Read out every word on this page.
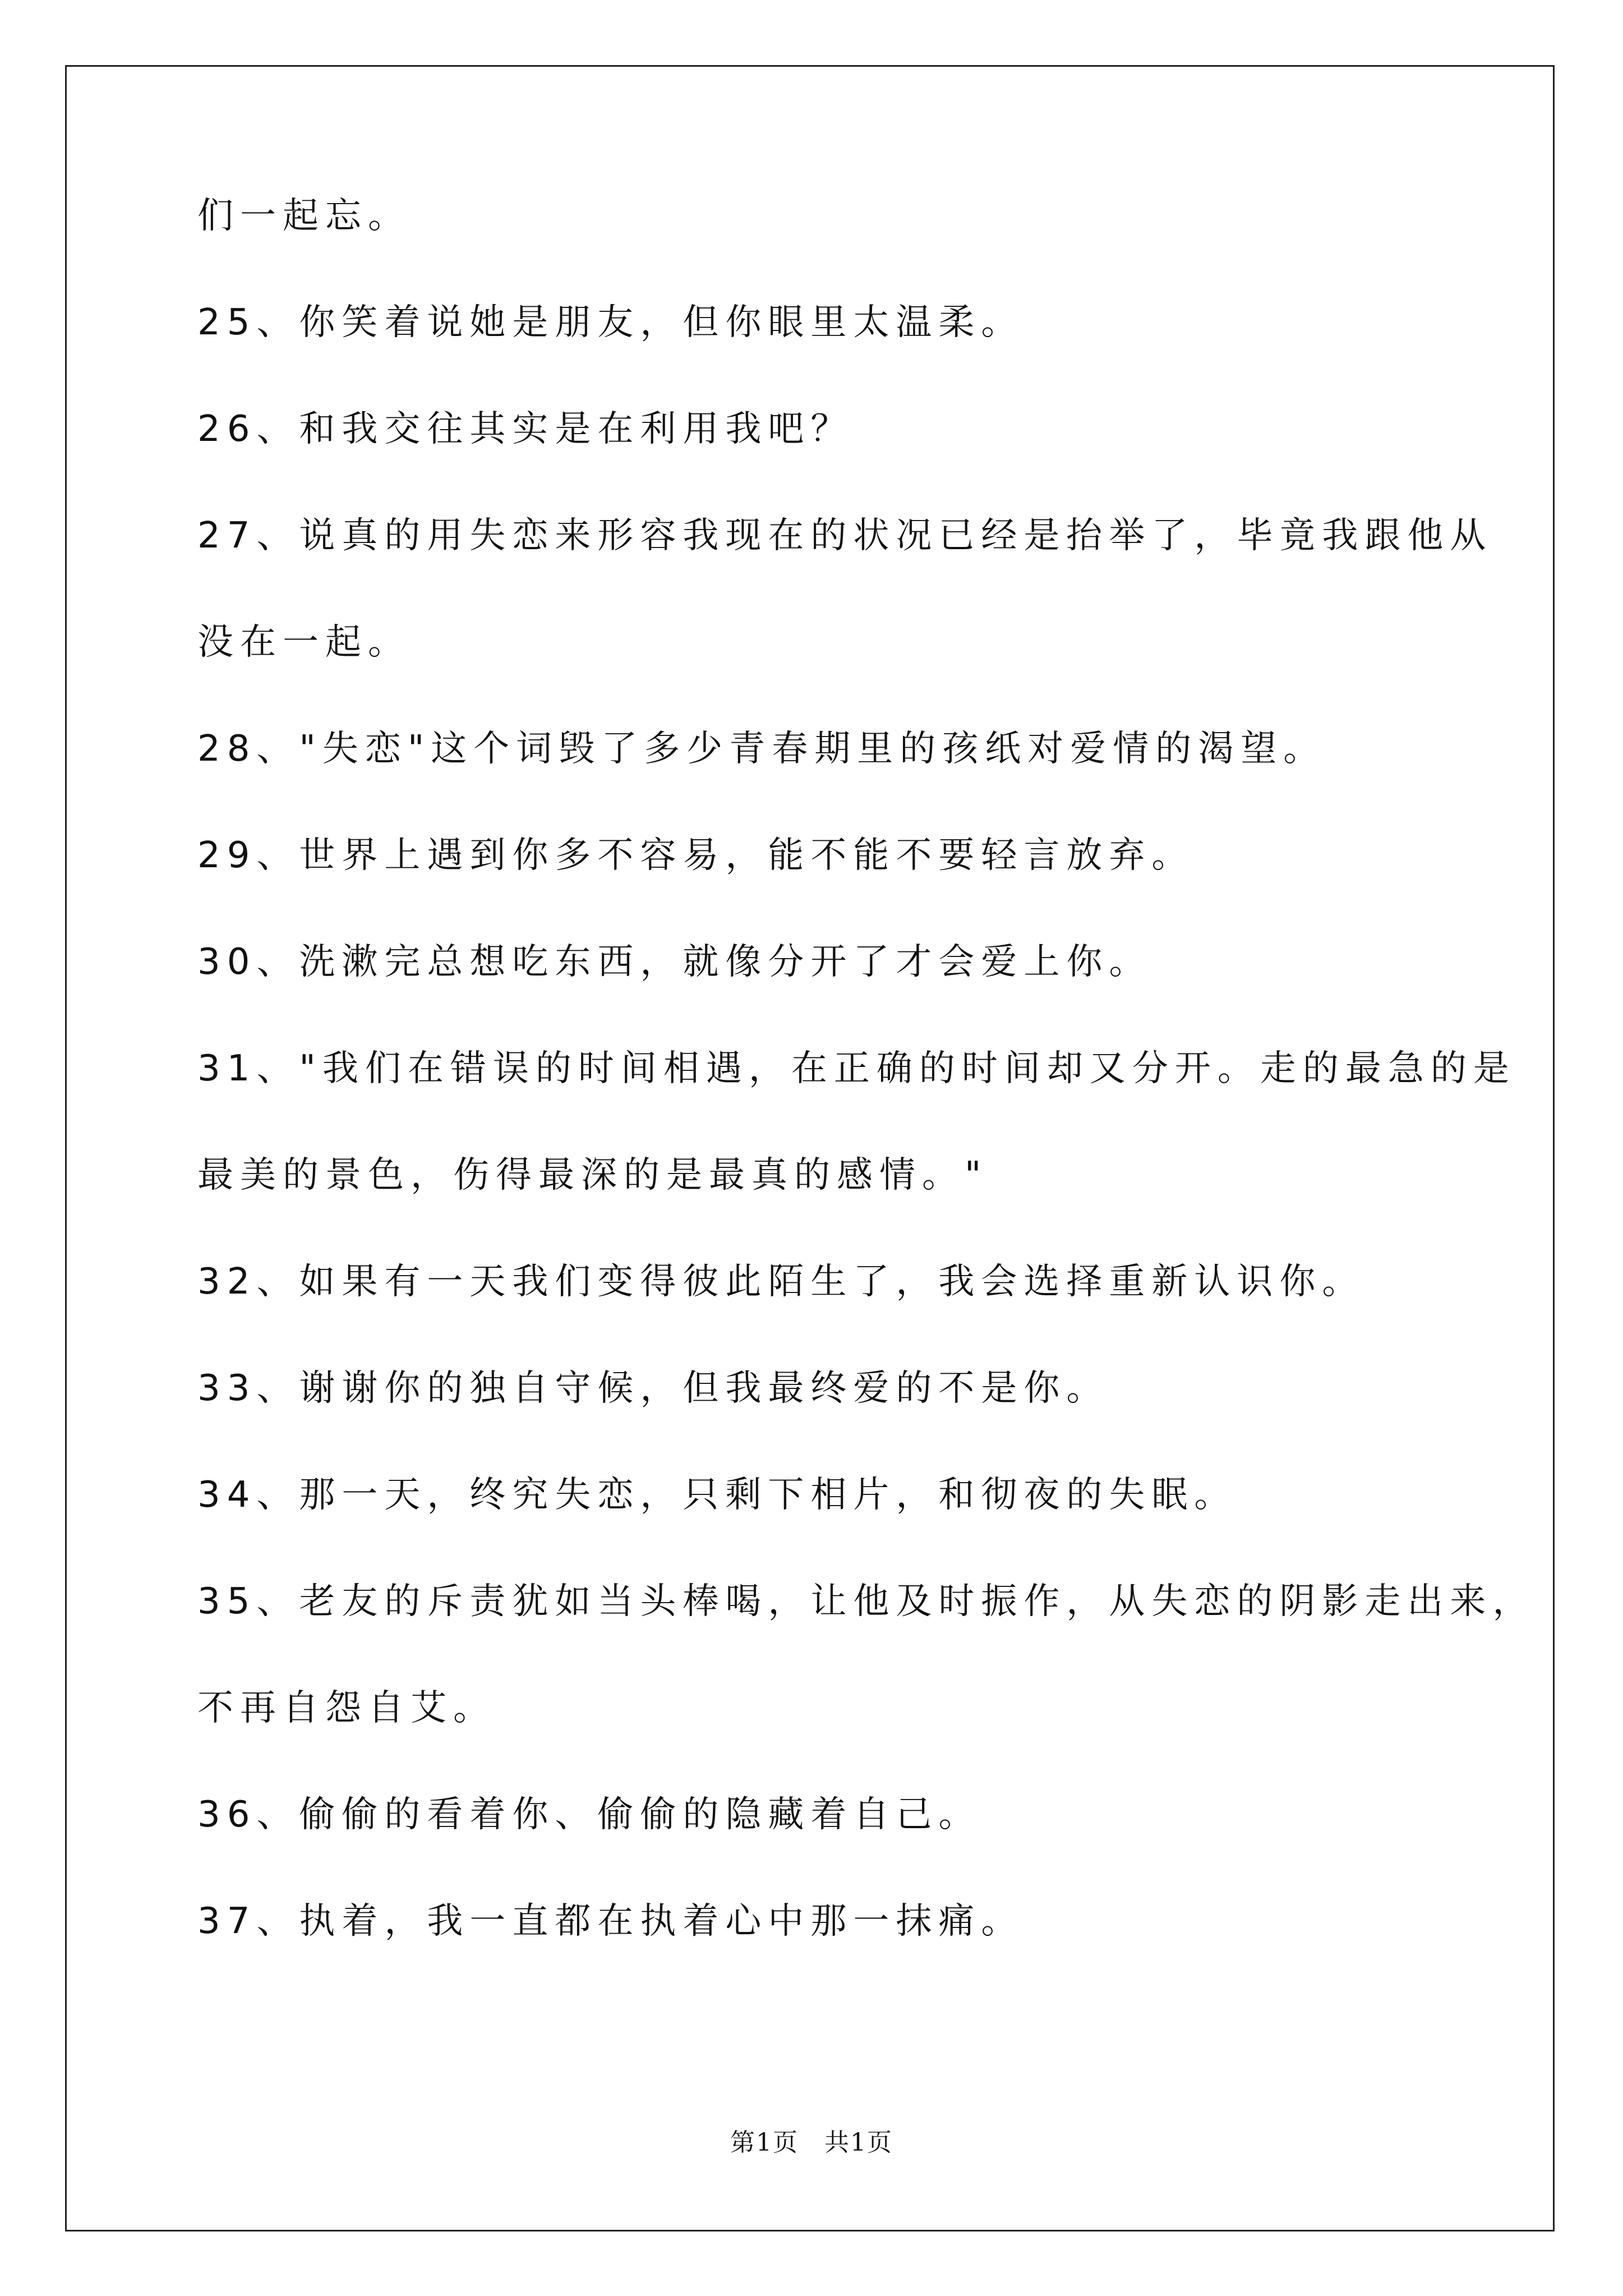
们一起忘。
25、你笑着说她是朋友，但你眼里太温柔。
26、和我交往其实是在利用我吧？
27、说真的用失恋来形容我现在的状况已经是抬举了，毕竟我跟他从
没在一起。
28、"失恋"这个词毁了多少青春期里的孩纸对爱情的渴望。
29、世界上遇到你多不容易，能不能不要轻言放弃。
30、洗漱完总想吃东西，就像分开了才会爱上你。
31、"我们在错误的时间相遇，在正确的时间却又分开。走的最急的是
最美的景色，伤得最深的是最真的感情。"
32、如果有一天我们变得彼此陌生了，我会选择重新认识你。
33、谢谢你的独自守候，但我最终爱的不是你。
34、那一天，终究失恋，只剩下相片，和彻夜的失眠。
35、老友的斥责犹如当头棒喝，让他及时振作，从失恋的阴影走出来，
不再自怨自艾。
36、偷偷的看着你、偷偷的隐藏着自己。
37、执着，我一直都在执着心中那一抹痛。
第1页　共1页
